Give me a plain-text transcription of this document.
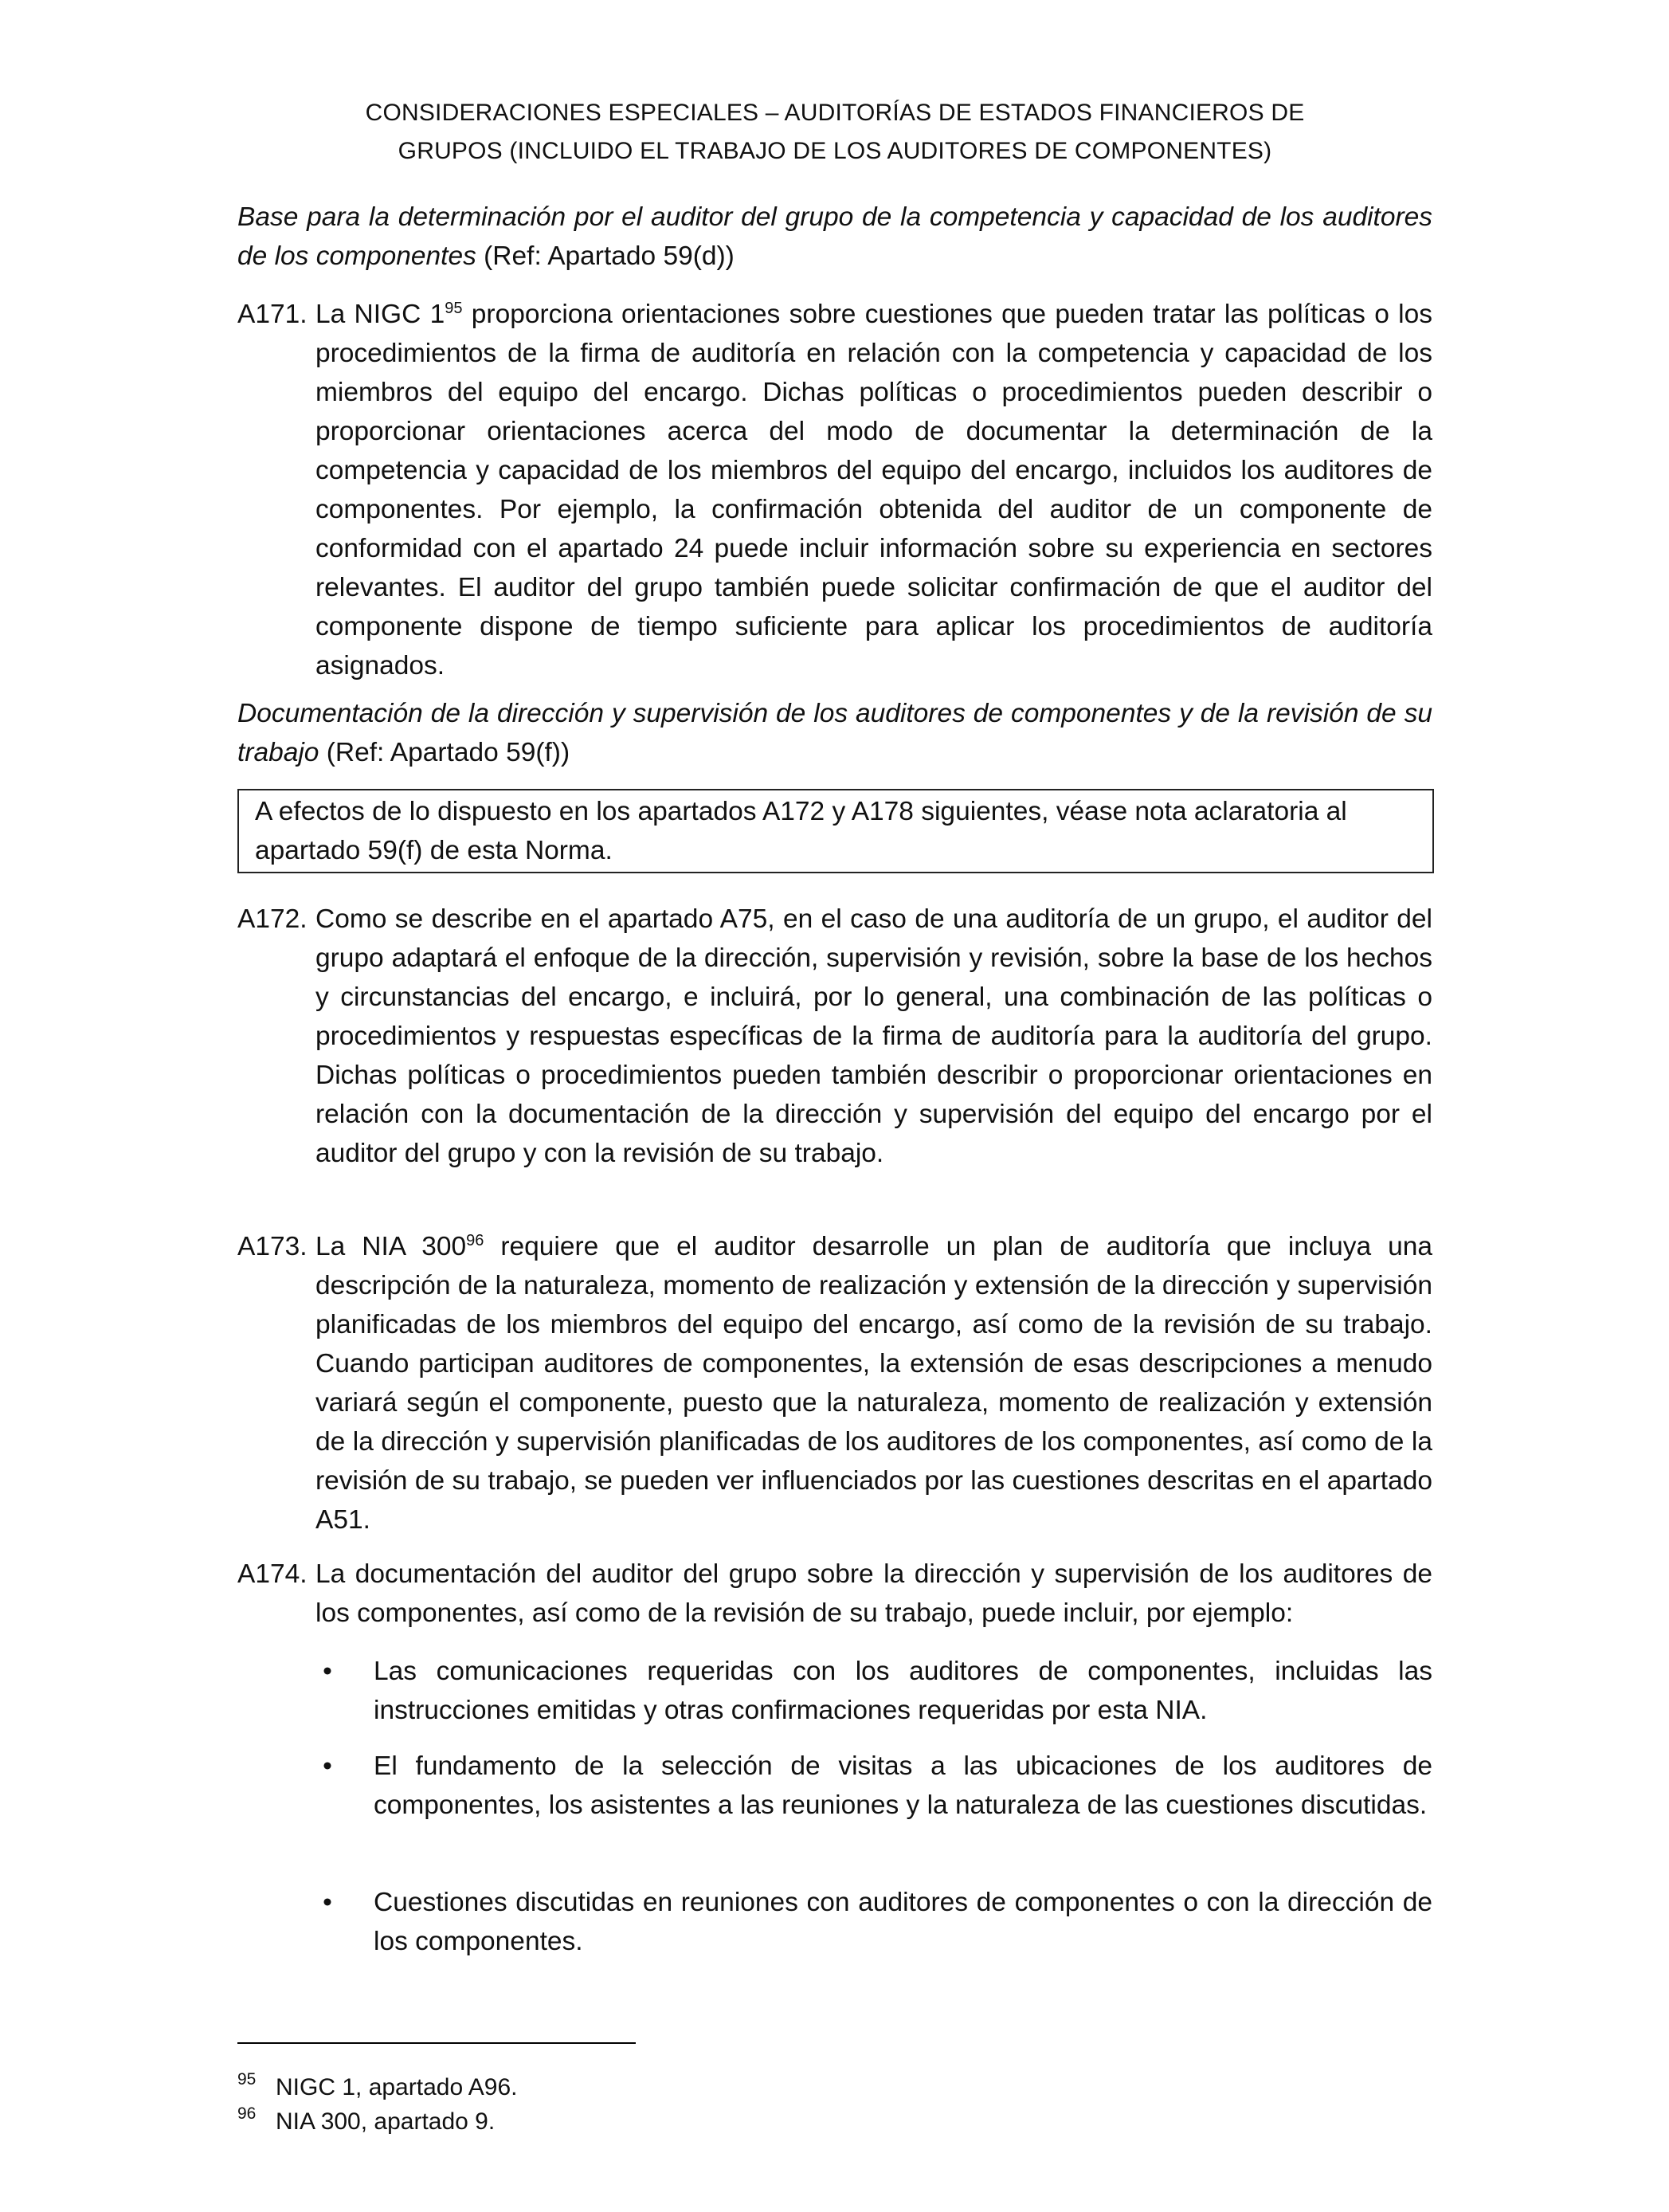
CONSIDERACIONES ESPECIALES – AUDITORÍAS DE ESTADOS FINANCIEROS DE
GRUPOS (INCLUIDO EL TRABAJO DE LOS AUDITORES DE COMPONENTES)
Base para la determinación por el auditor del grupo de la competencia y capacidad de los auditores de los componentes (Ref: Apartado 59(d))
A171. La NIGC $1^{95}$ proporciona orientaciones sobre cuestiones que pueden tratar las políticas o los procedimientos de la firma de auditoría en relación con la competencia y capacidad de los miembros del equipo del encargo. Dichas políticas o procedimientos pueden describir o proporcionar orientaciones acerca del modo de documentar la determinación de la competencia y capacidad de los miembros del equipo del encargo, incluidos los auditores de componentes. Por ejemplo, la confirmación obtenida del auditor de un componente de conformidad con el apartado 24 puede incluir información sobre su experiencia en sectores relevantes. El auditor del grupo también puede solicitar confirmación de que el auditor del componente dispone de tiempo suficiente para aplicar los procedimientos de auditoría asignados.
Documentación de la dirección y supervisión de los auditores de componentes y de la revisión de su trabajo (Ref: Apartado 59(f))
A efectos de lo dispuesto en los apartados A172 y A178 siguientes, véase nota aclaratoria al apartado 59(f) de esta Norma.
A172. Como se describe en el apartado A75, en el caso de una auditoría de un grupo, el auditor del grupo adaptará el enfoque de la dirección, supervisión y revisión, sobre la base de los hechos y circunstancias del encargo, e incluirá, por lo general, una combinación de las políticas o procedimientos y respuestas específicas de la firma de auditoría para la auditoría del grupo. Dichas políticas o procedimientos pueden también describir o proporcionar orientaciones en relación con la documentación de la dirección y supervisión del equipo del encargo por el auditor del grupo y con la revisión de su trabajo.
A173. La NIA $300^{96}$ requiere que el auditor desarrolle un plan de auditoría que incluya una descripción de la naturaleza, momento de realización y extensión de la dirección y supervisión planificadas de los miembros del equipo del encargo, así como de la revisión de su trabajo. Cuando participan auditores de componentes, la extensión de esas descripciones a menudo variará según el componente, puesto que la naturaleza, momento de realización y extensión de la dirección y supervisión planificadas de los auditores de los componentes, así como de la revisión de su trabajo, se pueden ver influenciados por las cuestiones descritas en el apartado A51.
A174. La documentación del auditor del grupo sobre la dirección y supervisión de los auditores de los componentes, así como de la revisión de su trabajo, puede incluir, por ejemplo:
• Las comunicaciones requeridas con los auditores de componentes, incluidas las instrucciones emitidas y otras confirmaciones requeridas por esta NIA.
• El fundamento de la selección de visitas a las ubicaciones de los auditores de componentes, los asistentes a las reuniones y la naturaleza de las cuestiones discutidas.
• Cuestiones discutidas en reuniones con auditores de componentes o con la dirección de los componentes.
95 NIGC 1, apartado A96.
96 NIA 300, apartado 9.
